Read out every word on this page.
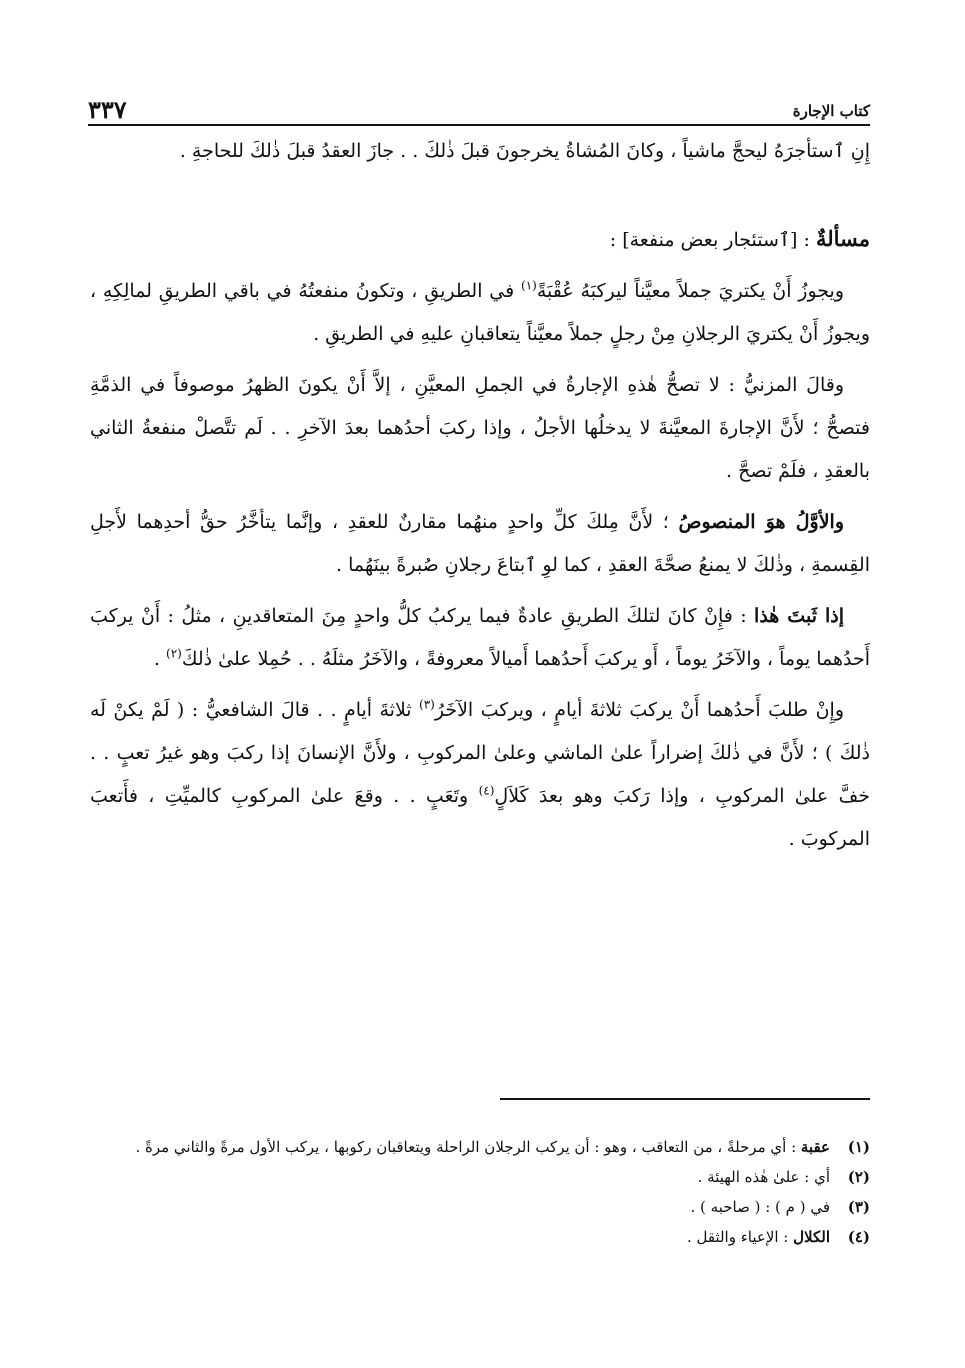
كتاب الإجارة
٣٣٧

إِنِ ٱستأجرَهُ ليحجَّ ماشياً ، وكانَ المُشاةُ يخرجونَ قبلَ ذٰلكَ . . جازَ العقدُ قبلَ ذٰلكَ للحاجةِ .

مسألةٌ : [ٱستئجار بعض منفعة] :

ويجوزُ أَنْ يكتريَ جملاً معيَّناً ليركبَهُ عُقْبَةً$^{(١)}$ في الطريقِ ، وتكونُ منفعتُهُ في باقي الطريقِ لمالِكِهِ ، ويجوزُ أَنْ يكتريَ الرجلانِ مِنْ رجلٍ جملاً معيَّناً يتعاقبانِ عليهِ في الطريقِ .

وقالَ المزنيُّ : لا تصحُّ هٰذهِ الإجارةُ في الجملِ المعيَّنِ ، إلاَّ أَنْ يكونَ الظهرُ موصوفاً في الذمَّةِ فتصحُّ ؛ لأَنَّ الإجارةَ المعيَّنةَ لا يدخلُها الأجلُ ، وإذا ركبَ أحدُهما بعدَ الآخرِ . . لَم تتَّصلْ منفعةُ الثاني بالعقدِ ، فلَمْ تصحَّ .

والأوَّلُ هوَ المنصوصُ ؛ لأَنَّ مِلكَ كلِّ واحدٍ منهُما مقارنٌ للعقدِ ، وإنَّما يتأخَّرُ حقُّ أحدِهما لأَجلِ القِسمةِ ، وذٰلكَ لا يمنعُ صحَّةَ العقدِ ، كما لوِ ٱبتاعَ رجلانِ صُبرةً بينَهُما .

إذا ثَبتَ هٰذا : فإِنْ كانَ لتلكَ الطريقِ عادةٌ فيما يركبُ كلُّ واحدٍ مِنَ المتعاقدينِ ، مثلُ : أَنْ يركبَ أَحدُهما يوماً ، والآخَرُ يوماً ، أَو يركبَ أَحدُهما أَميالاً معروفةً ، والآخَرُ مثلَهُ . . حُمِلا علىٰ ذٰلكَ$^{(٢)}$ .

وإِنْ طلبَ أَحدُهما أَنْ يركبَ ثلاثةَ أيامٍ ، ويركبَ الآخَرُ$^{(٣)}$ ثلاثةَ أيامٍ . . قالَ الشافعيُّ : ( لَمْ يكنْ لَه ذٰلكَ ) ؛ لأَنَّ في ذٰلكَ إضراراً علىٰ الماشي وعلىٰ المركوبِ ، ولأَنَّ الإنسانَ إذا ركبَ وهو غيرُ تعبٍ . . خفَّ علىٰ المركوبِ ، وإذا رَكبَ وهو بعدَ كَلاَلٍ$^{(٤)}$ وتَعَبٍ . . وقعَ علىٰ المركوبِ كالميِّتِ ، فأَتعبَ المركوبَ .

(١)
عقبة : أي مرحلةً ، من التعاقب ، وهو : أن يركب الرجلان الراحلة ويتعاقبان ركوبها ، يركب الأول مرةً والثاني مرةً .
(٢)
أي : علىٰ هٰذه الهيئة .
(٣)
في ( م ) : ( صاحبه ) .
(٤)
الكلال : الإعياء والثقل .
